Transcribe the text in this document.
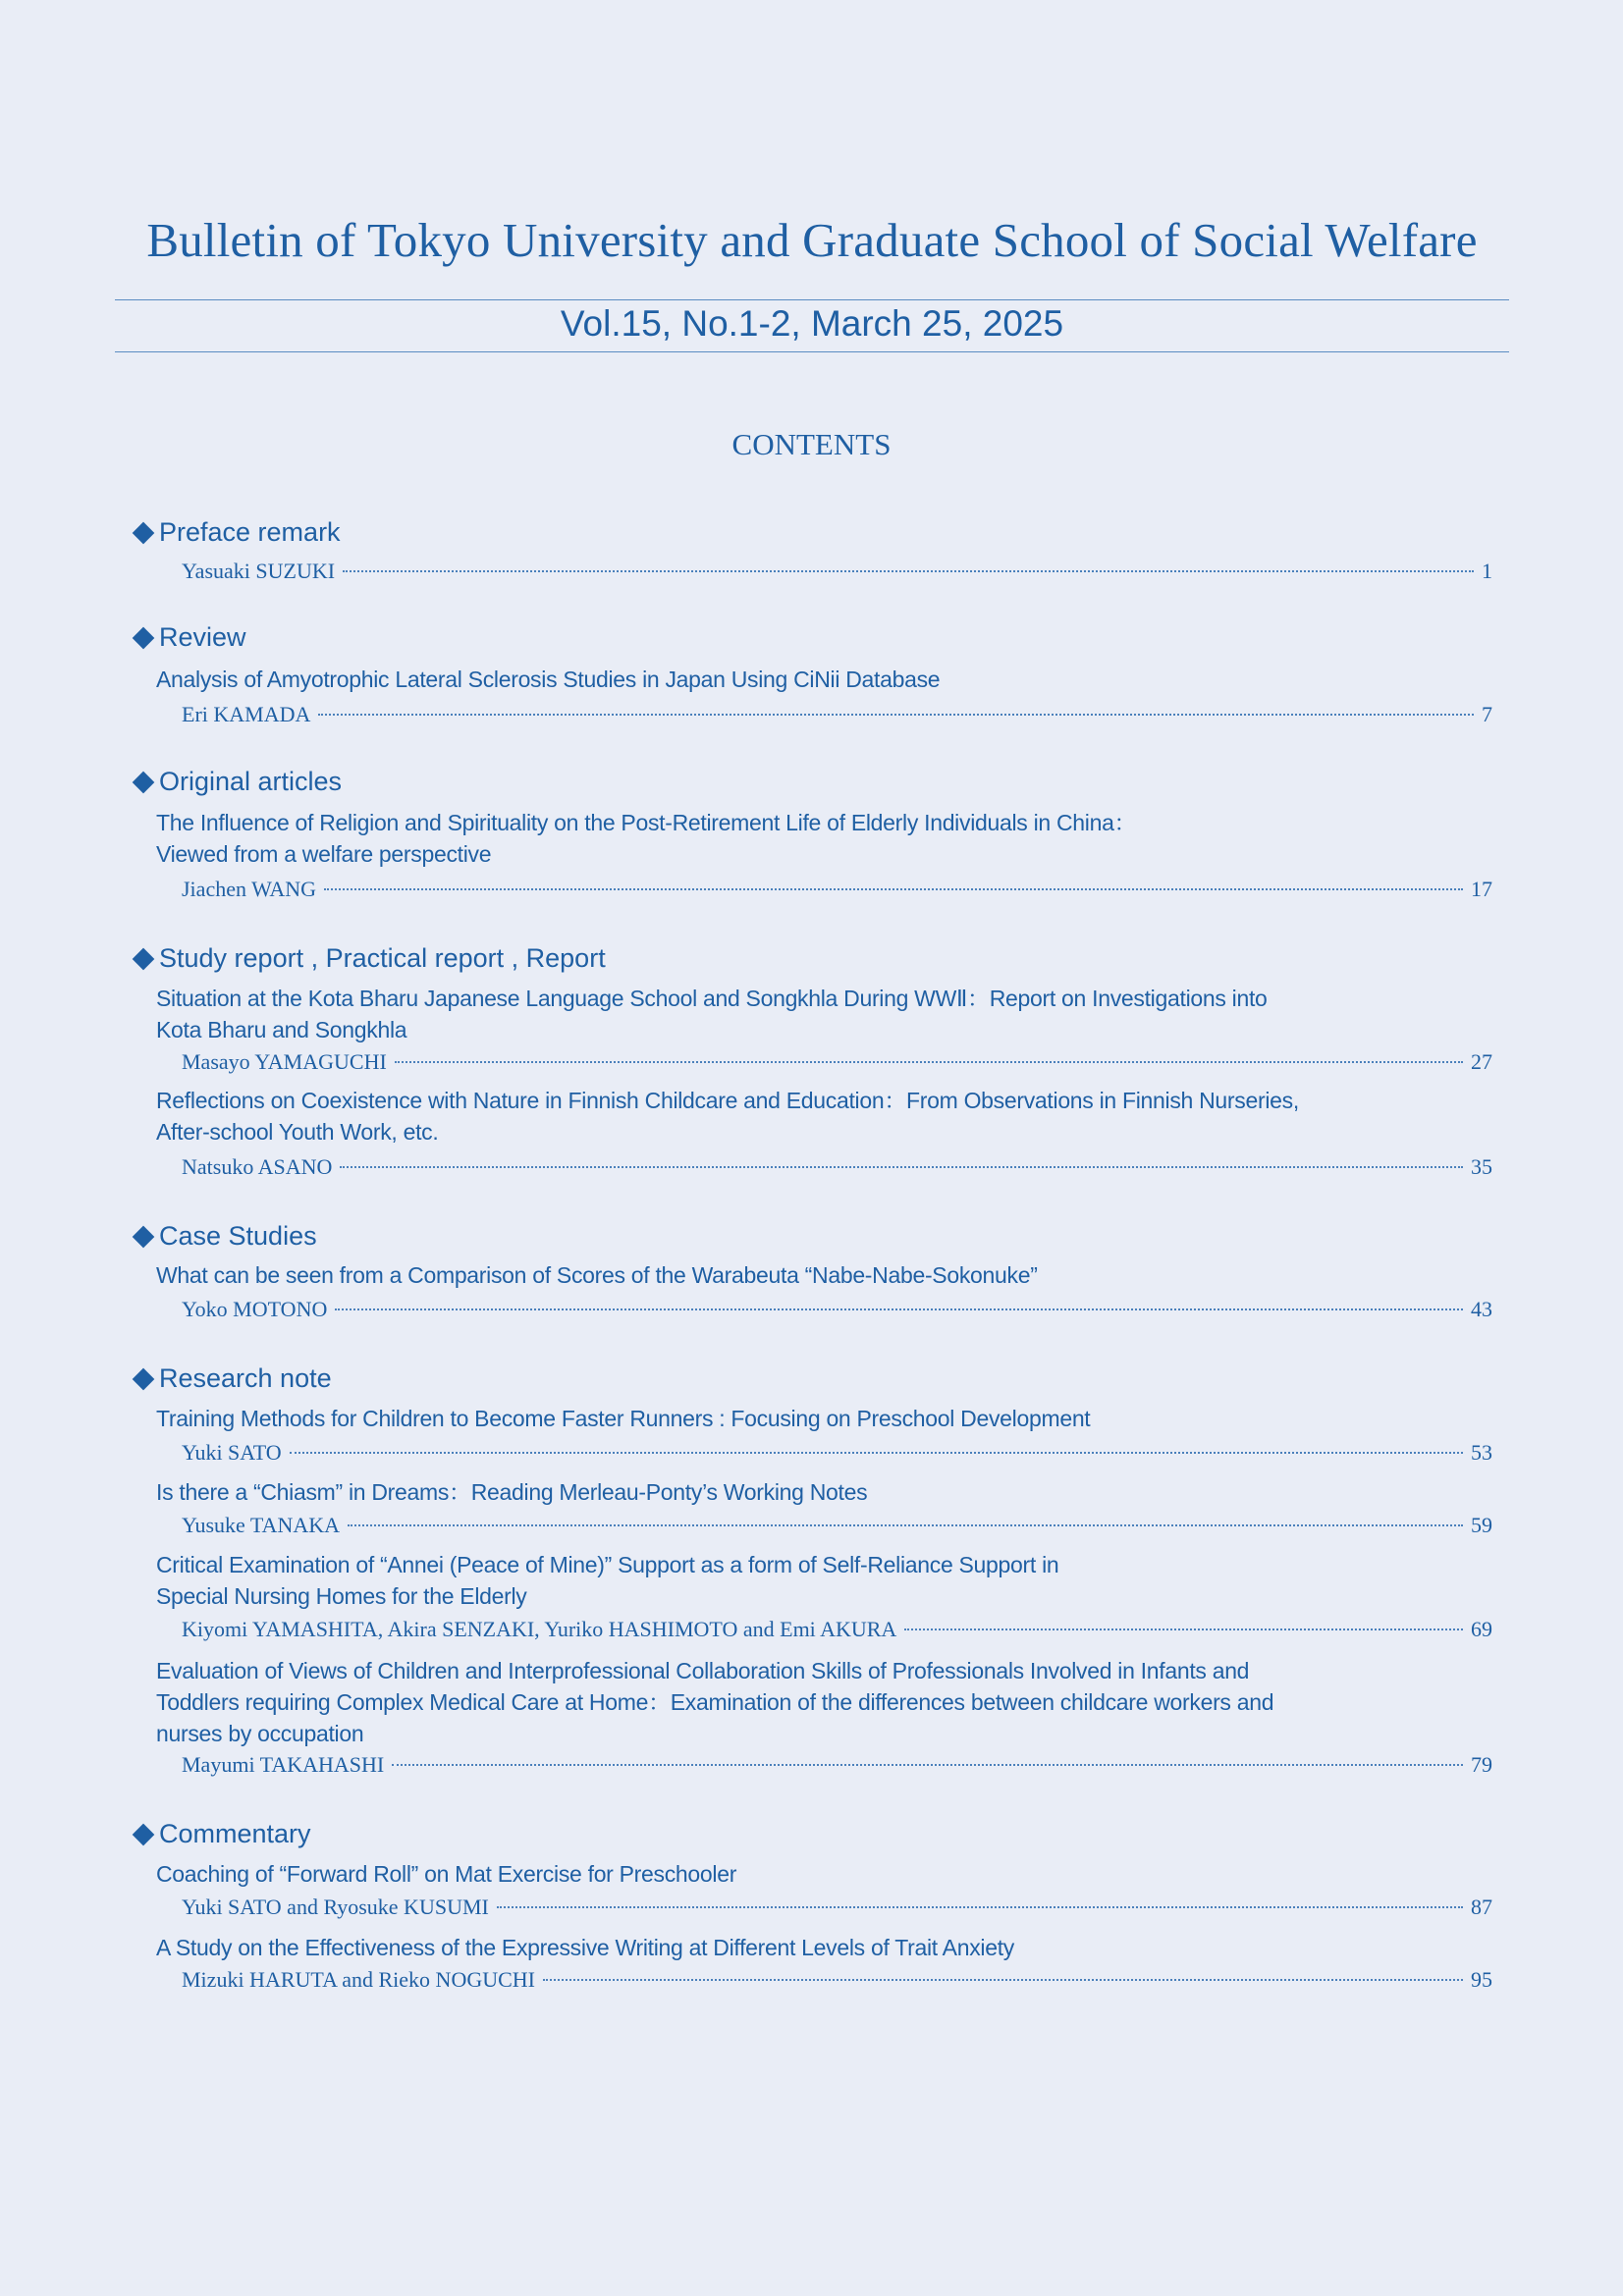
Bulletin of Tokyo University and Graduate School of Social Welfare
Vol.15, No.1-2, March 25, 2025
CONTENTS
Preface remark
Yasuaki SUZUKI	1
Review
Analysis of Amyotrophic Lateral Sclerosis Studies in Japan Using CiNii Database
Eri KAMADA	7
Original articles
The Influence of Religion and Spirituality on the Post-Retirement Life of Elderly Individuals in China：
Viewed from a welfare perspective
Jiachen WANG	17
Study report , Practical report , Report
Situation at the Kota Bharu Japanese Language School and Songkhla During WWⅡ：Report on Investigations into
Kota Bharu and Songkhla
Masayo YAMAGUCHI	27
Reflections on Coexistence with Nature in Finnish Childcare and Education：From Observations in Finnish Nurseries,
After-school Youth Work, etc.
Natsuko ASANO	35
Case Studies
What can be seen from a Comparison of Scores of the Warabeuta “Nabe-Nabe-Sokonuke”
Yoko MOTONO	43
Research note
Training Methods for Children to Become Faster Runners : Focusing on Preschool Development
Yuki SATO	53
Is there a “Chiasm” in Dreams：Reading Merleau-Ponty’s Working Notes
Yusuke TANAKA	59
Critical Examination of “Annei (Peace of Mine)” Support as a form of Self-Reliance Support in
Special Nursing Homes for the Elderly
Kiyomi YAMASHITA, Akira SENZAKI, Yuriko HASHIMOTO and Emi AKURA	69
Evaluation of Views of Children and Interprofessional Collaboration Skills of Professionals Involved in Infants and
Toddlers requiring Complex Medical Care at Home：Examination of the differences between childcare workers and
nurses by occupation
Mayumi TAKAHASHI	79
Commentary
Coaching of “Forward Roll” on Mat Exercise for Preschooler
Yuki SATO and Ryosuke KUSUMI	87
A Study on the Effectiveness of the Expressive Writing at Different Levels of Trait Anxiety
Mizuki HARUTA and Rieko NOGUCHI	95
